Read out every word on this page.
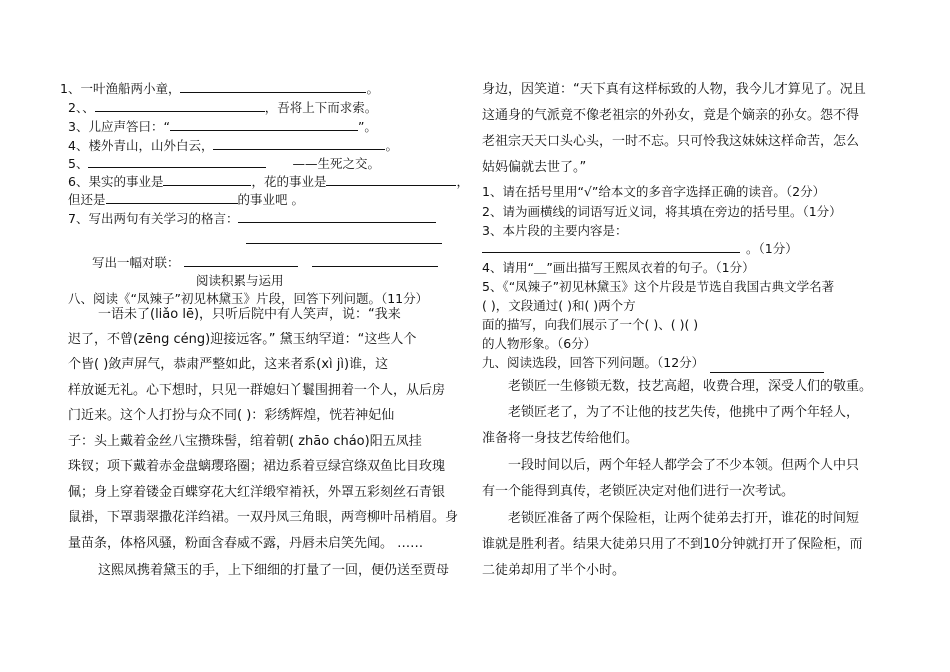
1、一叶渔船两小童，	。
2、、	，吾将上下而求索。
3、儿应声答曰：“	”。
4、楼外青山，山外白云，	。
5、	——生死之交。
6、果实的事业是	，花的事业是	，
但还是	的事业吧 。
7、写出两句有关学习的格言：
写出一幅对联：
阅读积累与运用
八、阅读《“凤辣子”初见林黛玉》片段，回答下列问题。（11分）
一语未了(liǎo lē)，只听后院中有人笑声，说：“我来
迟了，不曾(zēng céng)迎接远客。” 黛玉纳罕道：“这些人个
个皆( )敛声屏气，恭肃严整如此，这来者系(xì jì)谁，这
样放诞无礼。心下想时，只见一群媳妇丫鬟围拥着一个人，从后房
门近来。这个人打扮与众不同( )：彩绣辉煌，恍若神妃仙
子：头上戴着金丝八宝攒珠髻，绾着朝( zhāo cháo)阳五凤挂
珠钗；项下戴着赤金盘螭璎珞圈；裙边系着豆绿宫绦双鱼比目玫瑰
佩；身上穿着镂金百蝶穿花大红洋缎窄褃袄，外罩五彩刻丝石青银
鼠褂，下罩翡翠撒花洋绉裙。一双丹凤三角眼，两弯柳叶吊梢眉。身
量苗条，体格风骚，粉面含春威不露，丹唇未启笑先闻。 ……
这熙凤携着黛玉的手，上下细细的打量了一回，便仍送至贾母
身边，因笑道：“天下真有这样标致的人物，我今儿才算见了。况且
这通身的气派竟不像老祖宗的外孙女，竟是个嫡亲的孙女。怨不得
老祖宗天天口头心头，一时不忘。只可怜我这妹妹这样命苦，怎么
姑妈偏就去世了。”
1、请在括号里用“√”给本文的多音字选择正确的读音。（2分）
2、请为画横线的词语写近义词，将其填在旁边的括号里。（1分）
3、本片段的主要内容是：
。（1分）
4、请用“＿”画出描写王熙凤衣着的句子。（1分）
5、《“凤辣子”初见林黛玉》这个片段是节选自我国古典文学名著
( )，文段通过( )和( )两个方
面的描写，向我们展示了一个( )、( )( )
的人物形象。（6分）
九、阅读选段，回答下列问题。（12分）
老锁匠一生修锁无数，技艺高超，收费合理，深受人们的敬重。
老锁匠老了，为了不让他的技艺失传，他挑中了两个年轻人，
准备将一身技艺传给他们。
一段时间以后，两个年轻人都学会了不少本领。但两个人中只
有一个能得到真传，老锁匠决定对他们进行一次考试。
老锁匠准备了两个保险柜，让两个徒弟去打开，谁花的时间短
谁就是胜利者。结果大徒弟只用了不到10分钟就打开了保险柜，而
二徒弟却用了半个小时。
